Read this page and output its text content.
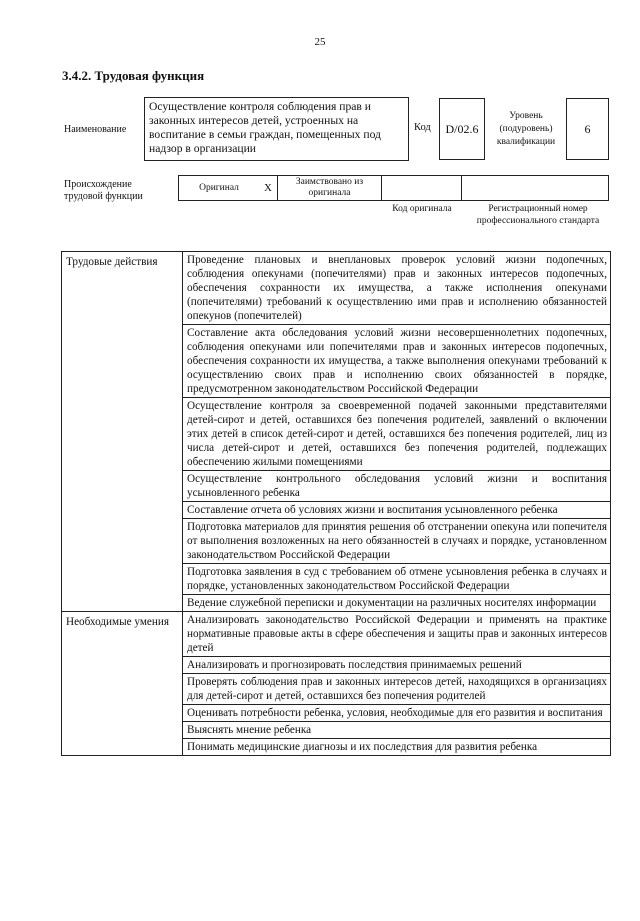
25
3.4.2. Трудовая функция
Наименование
Осуществление контроля соблюдения прав и законных интересов детей, устроенных на воспитание в семьи граждан, помещенных под надзор в организации
Код	D/02.6
Уровень (подуровень) квалификации
6
Происхождение трудовой функции
Оригинал	X	Заимствовано из оригинала
Код оригинала	Регистрационный номер профессионального стандарта
Трудовые действия	Проведение плановых и внеплановых проверок условий жизни подопечных, соблюдения опекунами (попечителями) прав и законных интересов подопечных, обеспечения сохранности их имущества, а также исполнения опекунами (попечителями) требований к осуществлению ими прав и исполнению обязанностей опекунов (попечителей)
	Составление акта обследования условий жизни несовершеннолетних подопечных, соблюдения опекунами или попечителями прав и законных интересов подопечных, обеспечения сохранности их имущества, а также выполнения опекунами требований к осуществлению своих прав и исполнению своих обязанностей в порядке, предусмотренном законодательством Российской Федерации
	Осуществление контроля за своевременной подачей законными представителями детей-сирот и детей, оставшихся без попечения родителей, заявлений о включении этих детей в список детей-сирот и детей, оставшихся без попечения родителей, лиц из числа детей-сирот и детей, оставшихся без попечения родителей, подлежащих обеспечению жилыми помещениями
	Осуществление контрольного обследования условий жизни и воспитания усыновленного ребенка
	Составление отчета об условиях жизни и воспитания усыновленного ребенка
	Подготовка материалов для принятия решения об отстранении опекуна или попечителя от выполнения возложенных на него обязанностей в случаях и порядке, установленном законодательством Российской Федерации
	Подготовка заявления в суд с требованием об отмене усыновления ребенка в случаях и порядке, установленных законодательством Российской Федерации
	Ведение служебной переписки и документации на различных носителях информации
Необходимые умения	Анализировать законодательство Российской Федерации и применять на практике нормативные правовые акты в сфере обеспечения и защиты прав и законных интересов детей
	Анализировать и прогнозировать последствия принимаемых решений
	Проверять соблюдения прав и законных интересов детей, находящихся в организациях для детей-сирот и детей, оставшихся без попечения родителей
	Оценивать потребности ребенка, условия, необходимые для его развития и воспитания
	Выяснять мнение ребенка
	Понимать медицинские диагнозы и их последствия для развития ребенка
